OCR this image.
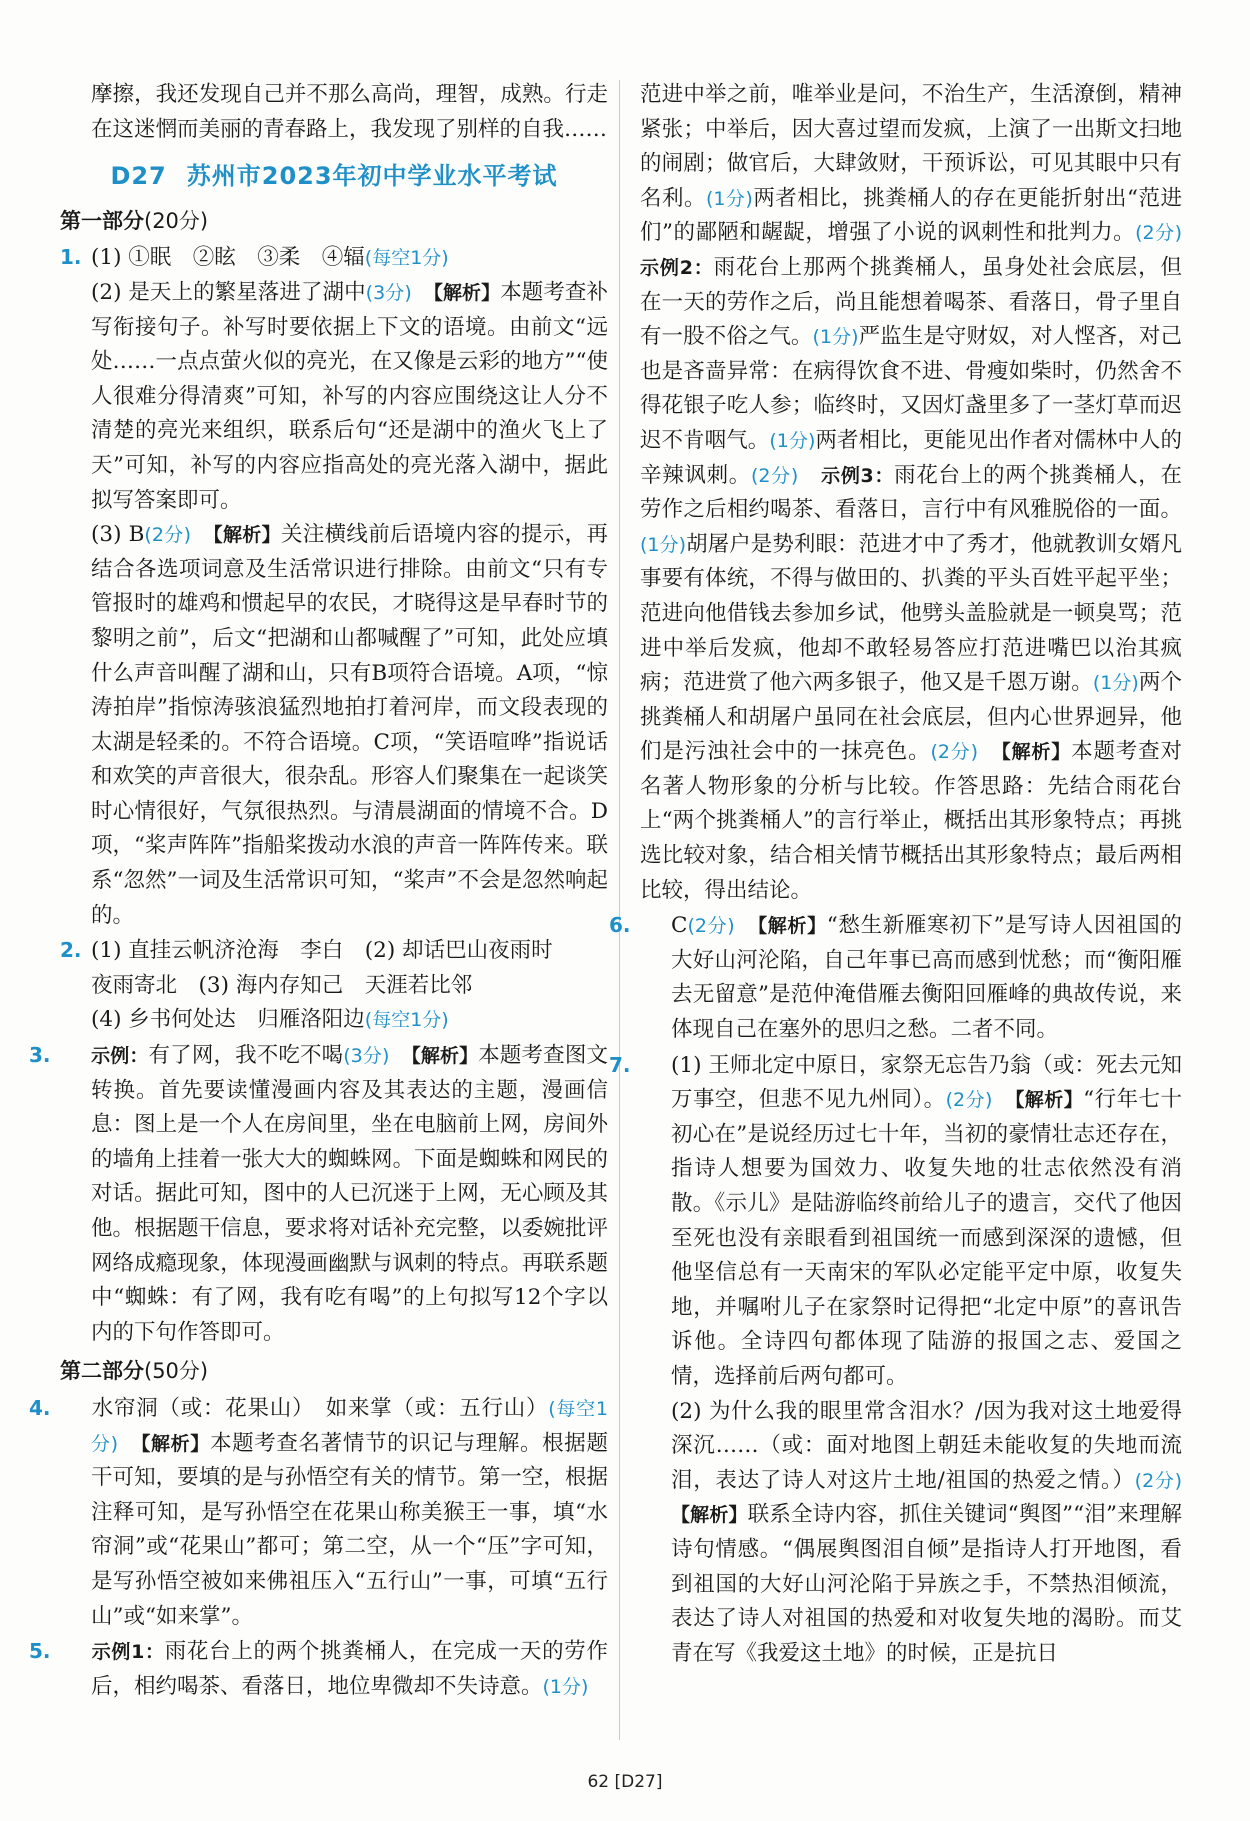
摩擦，我还发现自己并不那么高尚，理智，成熟。行走在这迷惘而美丽的青春路上，我发现了别样的自我……

D27 苏州市2023年初中学业水平考试
第一部分(20分)

1. (1) ①眠　②眩　③柔　④辐(每空1分)

(2) 是天上的繁星落进了湖中(3分)　 【解析】本题考查补写衔接句子。补写时要依据上下文的语境。由前文“远处……一点点萤火似的亮光，在又像是云彩的地方”“使人很难分得清爽”可知，补写的内容应围绕这让人分不清楚的亮光来组织，联系后句“还是湖中的渔火飞上了天”可知，补写的内容应指高处的亮光落入湖中，据此拟写答案即可。

(3) B(2分)　 【解析】关注横线前后语境内容的提示，再结合各选项词意及生活常识进行排除。由前文“只有专管报时的雄鸡和惯起早的农民，才晓得这是早春时节的黎明之前”，后文“把湖和山都喊醒了”可知，此处应填什么声音叫醒了湖和山，只有B项符合语境。A项，“惊涛拍岸”指惊涛骇浪猛烈地拍打着河岸，而文段表现的太湖是轻柔的。不符合语境。C项，“笑语喧哗”指说话和欢笑的声音很大，很杂乱。形容人们聚集在一起谈笑时心情很好，气氛很热烈。与清晨湖面的情境不合。D项，“桨声阵阵”指船桨拨动水浪的声音一阵阵传来。联系“忽然”一词及生活常识可知，“桨声”不会是忽然响起的。

2. (1) 直挂云帆济沧海　李白　(2) 却话巴山夜雨时

夜雨寄北　(3) 海内存知己　天涯若比邻

(4) 乡书何处达　归雁洛阳边(每空1分)

3. 示例：有了网，我不吃不喝(3分)　 【解析】本题考查图文转换。首先要读懂漫画内容及其表达的主题，漫画信息：图上是一个人在房间里，坐在电脑前上网，房间外的墙角上挂着一张大大的蜘蛛网。下面是蜘蛛和网民的对话。据此可知，图中的人已沉迷于上网，无心顾及其他。根据题干信息，要求将对话补充完整，以委婉批评网络成瘾现象，体现漫画幽默与讽刺的特点。再联系题中“蜘蛛：有了网，我有吃有喝”的上句拟写12个字以内的下句作答即可。

第二部分(50分)

4. 水帘洞（或：花果山）　如来掌（或：五行山）(每空1分)　 【解析】本题考查名著情节的识记与理解。根据题干可知，要填的是与孙悟空有关的情节。第一空，根据注释可知，是写孙悟空在花果山称美猴王一事，填“水帘洞”或“花果山”都可；第二空，从一个“压”字可知，是写孙悟空被如来佛祖压入“五行山”一事，可填“五行山”或“如来掌”。

5. 示例1：雨花台上的两个挑粪桶人，在完成一天的劳作后，相约喝茶、看落日，地位卑微却不失诗意。(1分)

范进中举之前，唯举业是问，不治生产，生活潦倒，精神紧张；中举后，因大喜过望而发疯，上演了一出斯文扫地的闹剧；做官后，大肆敛财，干预诉讼，可见其眼中只有名利。(1分)两者相比，挑粪桶人的存在更能折射出“范进们”的鄙陋和龌龊，增强了小说的讽刺性和批判力。(2分)　示例2：雨花台上那两个挑粪桶人，虽身处社会底层，但在一天的劳作之后，尚且能想着喝茶、看落日，骨子里自有一股不俗之气。(1分)严监生是守财奴，对人悭吝，对己也是吝啬异常：在病得饮食不进、骨瘦如柴时，仍然舍不得花银子吃人参；临终时，又因灯盏里多了一茎灯草而迟迟不肯咽气。(1分)两者相比，更能见出作者对儒林中人的辛辣讽刺。(2分)　 示例3：雨花台上的两个挑粪桶人，在劳作之后相约喝茶、看落日，言行中有风雅脱俗的一面。(1分)胡屠户是势利眼：范进才中了秀才，他就教训女婿凡事要有体统，不得与做田的、扒粪的平头百姓平起平坐；范进向他借钱去参加乡试，他劈头盖脸就是一顿臭骂；范进中举后发疯，他却不敢轻易答应打范进嘴巴以治其疯病；范进赏了他六两多银子，他又是千恩万谢。(1分)两个挑粪桶人和胡屠户虽同在社会底层，但内心世界迥异，他们是污浊社会中的一抹亮色。(2分)　 【解析】本题考查对名著人物形象的分析与比较。作答思路：先结合雨花台上“两个挑粪桶人”的言行举止，概括出其形象特点；再挑选比较对象，结合相关情节概括出其形象特点；最后两相比较，得出结论。

6. C(2分)　 【解析】“愁生新雁寒初下”是写诗人因祖国的大好山河沦陷，自己年事已高而感到忧愁；而“衡阳雁去无留意”是范仲淹借雁去衡阳回雁峰的典故传说，来体现自己在塞外的思归之愁。二者不同。

7. (1) 王师北定中原日，家祭无忘告乃翁（或：死去元知万事空，但悲不见九州同）。(2分)　 【解析】“行年七十初心在”是说经历过七十年，当初的豪情壮志还存在，指诗人想要为国效力、收复失地的壮志依然没有消散。《示儿》是陆游临终前给儿子的遗言，交代了他因至死也没有亲眼看到祖国统一而感到深深的遗憾，但他坚信总有一天南宋的军队必定能平定中原，收复失地，并嘱咐儿子在家祭时记得把“北定中原”的喜讯告诉他。全诗四句都体现了陆游的报国之志、爱国之情，选择前后两句都可。

(2) 为什么我的眼里常含泪水？/因为我对这土地爱得深沉……（或：面对地图上朝廷未能收复的失地而流泪，表达了诗人对这片土地/祖国的热爱之情。）(2分)　【解析】联系全诗内容，抓住关键词“舆图”“泪”来理解诗句情感。“偶展舆图泪自倾”是指诗人打开地图，看到祖国的大好山河沦陷于异族之手，不禁热泪倾流，表达了诗人对祖国的热爱和对收复失地的渴盼。而艾青在写《我爱这土地》的时候，正是抗日

62 [D27]
